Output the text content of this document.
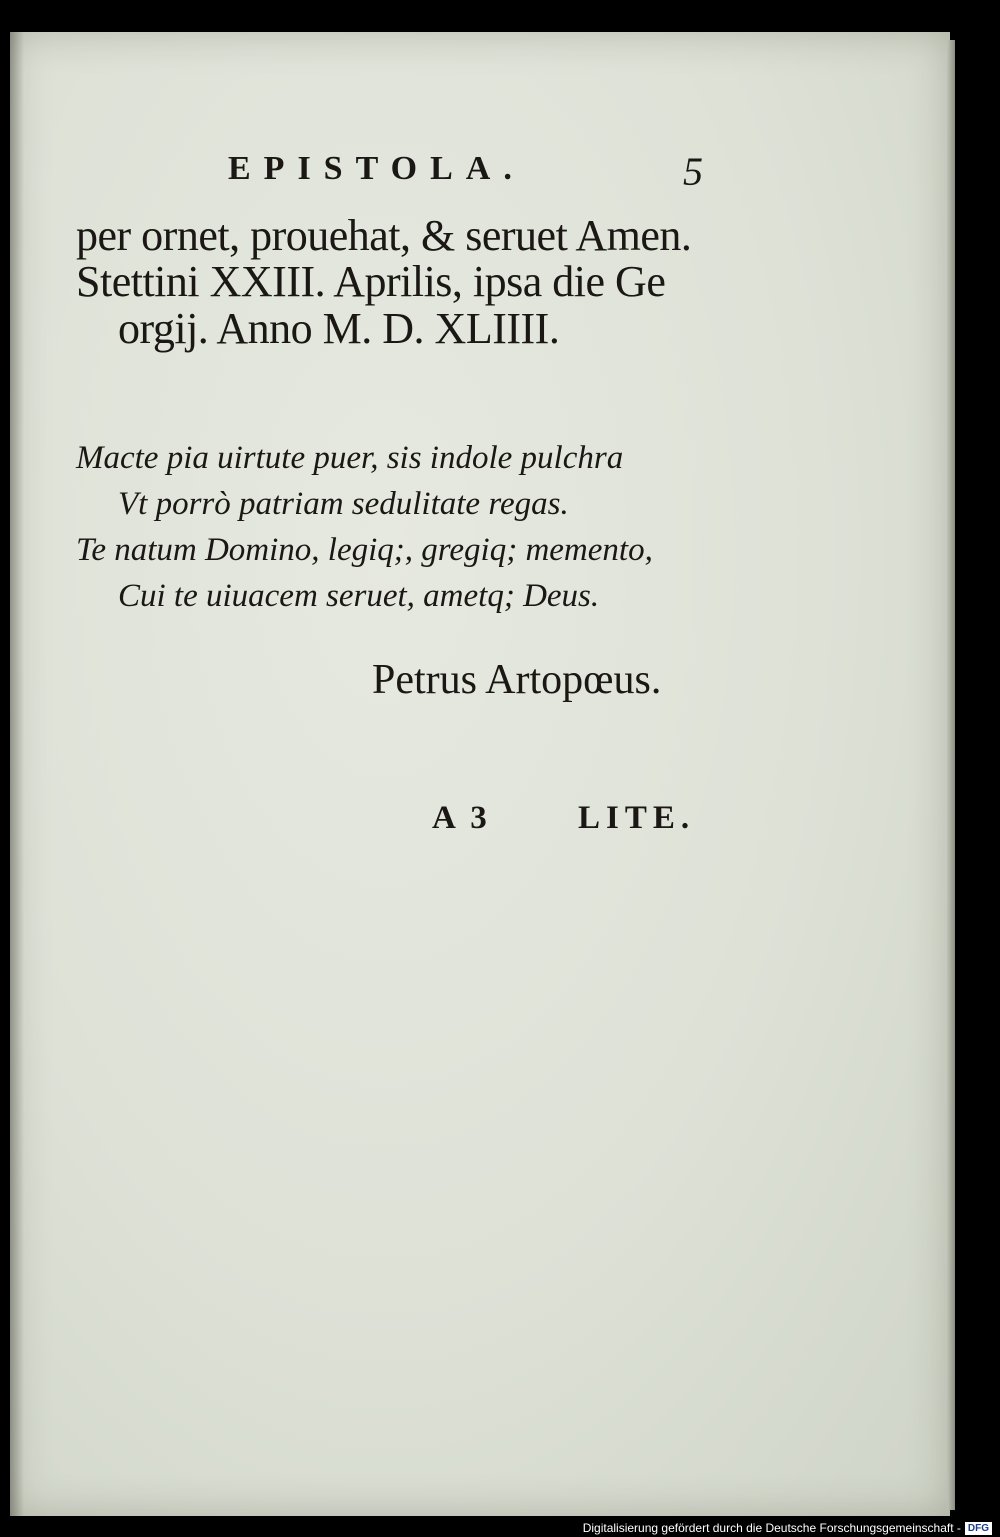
EPISTOLA.	5
per ornet, prouehat, & seruet Amen.
Stettini XXIII. Aprilis, ipsa die Ge
orgij. Anno M. D. XLIIII.
Macte pia uirtute puer, sis indole pulchra
Vt porrò patriam sedulitate regas.
Te natum Domino, legiq;, gregiq; memento,
Cui te uiuacem seruet, ametq; Deus.
Petrus Artopœus.
A 3	LITE.
Digitalisierung gefördert durch die Deutsche Forschungsgemeinschaft - DFG
